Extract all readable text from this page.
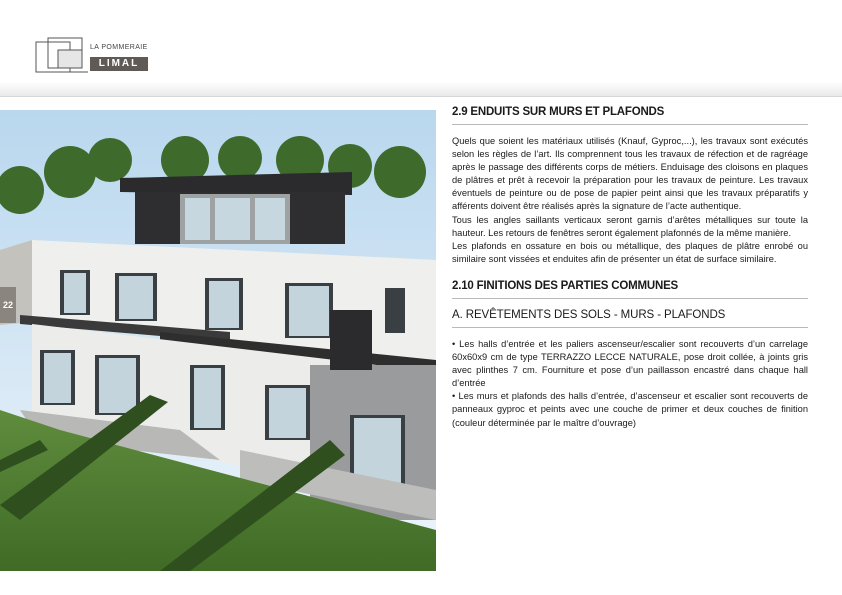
LA POMMERAIE
LIMAL
22
2.9 ENDUITS SUR MURS ET PLAFONDS

Quels que soient les matériaux utilisés (Knauf, Gyproc,...), les travaux sont exécutés selon les règles de l’art. Ils comprennent tous les travaux de réfection et de ragréage après le passage des différents corps de métiers. Enduisage des cloisons en plaques de plâtres et prêt à recevoir la préparation pour les travaux de peinture. Les travaux éventuels de peinture ou de pose de papier peint ainsi que les travaux préparatifs y afférents doivent être réalisés après la signature de l’acte authentique.

Tous les angles saillants verticaux seront garnis d’arêtes métalliques sur toute la hauteur. Les retours de fenêtres seront également plafonnés de la même manière.

Les plafonds en ossature en bois ou métallique, des plaques de plâtre enrobé ou similaire sont vissées et enduites afin de présenter un état de surface similaire.

2.10 FINITIONS DES PARTIES COMMUNES
A. REVÊTEMENTS DES SOLS - MURS - PLAFONDS

• Les halls d’entrée et les paliers ascenseur/escalier sont recouverts d’un carrelage 60x60x9 cm de type TERRAZZO LECCE NATURALE, pose droit collée, à joints gris avec plinthes 7 cm. Fourniture et pose d’un paillasson encastré dans chaque hall d’entrée

• Les murs et plafonds des halls d’entrée, d’ascenseur et escalier sont recouverts de panneaux gyproc et peints avec une couche de primer et deux couches de finition (couleur déterminée par le maître d’ouvrage)
